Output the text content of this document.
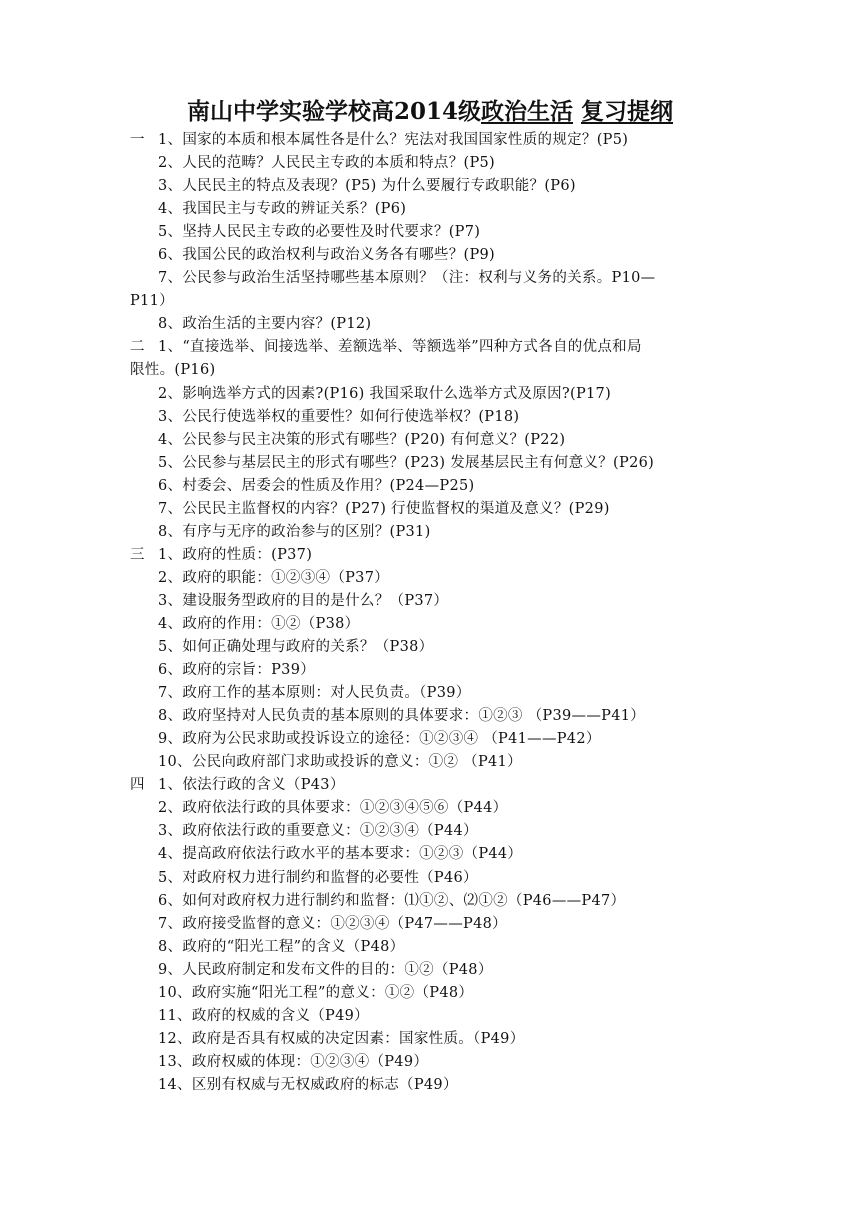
南山中学实验学校高2014级政治生活 复习提纲
一 1、国家的本质和根本属性各是什么？宪法对我国国家性质的规定？(P5)
2、人民的范畴？人民民主专政的本质和特点？(P5)
3、人民民主的特点及表现？(P5) 为什么要履行专政职能？(P6)
4、我国民主与专政的辨证关系？(P6)
5、坚持人民民主专政的必要性及时代要求？(P7)
6、我国公民的政治权利与政治义务各有哪些？(P9)
7、公民参与政治生活坚持哪些基本原则？（注：权利与义务的关系。P10—
P11）
8、政治生活的主要内容？(P12)
二 1、“直接选举、间接选举、差额选举、等额选举”四种方式各自的优点和局
限性。(P16)
2、影响选举方式的因素?(P16) 我国采取什么选举方式及原因?(P17)
3、公民行使选举权的重要性？如何行使选举权？(P18)
4、公民参与民主决策的形式有哪些？(P20) 有何意义？(P22)
5、公民参与基层民主的形式有哪些？(P23) 发展基层民主有何意义？(P26)
6、村委会、居委会的性质及作用？(P24—P25)
7、公民民主监督权的内容？(P27) 行使监督权的渠道及意义？(P29)
8、有序与无序的政治参与的区别？(P31)
三 1、政府的性质：(P37)
2、政府的职能：①②③④（P37）
3、建设服务型政府的目的是什么？（P37）
4、政府的作用：①②（P38）
5、如何正确处理与政府的关系？（P38）
6、政府的宗旨：P39）
7、政府工作的基本原则：对人民负责。（P39）
8、政府坚持对人民负责的基本原则的具体要求：①②③ （P39——P41）
9、政府为公民求助或投诉设立的途径：①②③④ （P41——P42）
10、公民向政府部门求助或投诉的意义：①② （P41）
四 1、依法行政的含义（P43）
2、政府依法行政的具体要求：①②③④⑤⑥（P44）
3、政府依法行政的重要意义：①②③④（P44）
4、提高政府依法行政水平的基本要求：①②③（P44）
5、对政府权力进行制约和监督的必要性（P46）
6、如何对政府权力进行制约和监督：⑴①②、⑵①②（P46——P47）
7、政府接受监督的意义：①②③④（P47——P48）
8、政府的“阳光工程”的含义（P48）
9、人民政府制定和发布文件的目的：①②（P48）
10、政府实施“阳光工程”的意义：①②（P48）
11、政府的权威的含义（P49）
12、政府是否具有权威的决定因素：国家性质。（P49）
13、政府权威的体现：①②③④（P49）
14、区别有权威与无权威政府的标志（P49）
